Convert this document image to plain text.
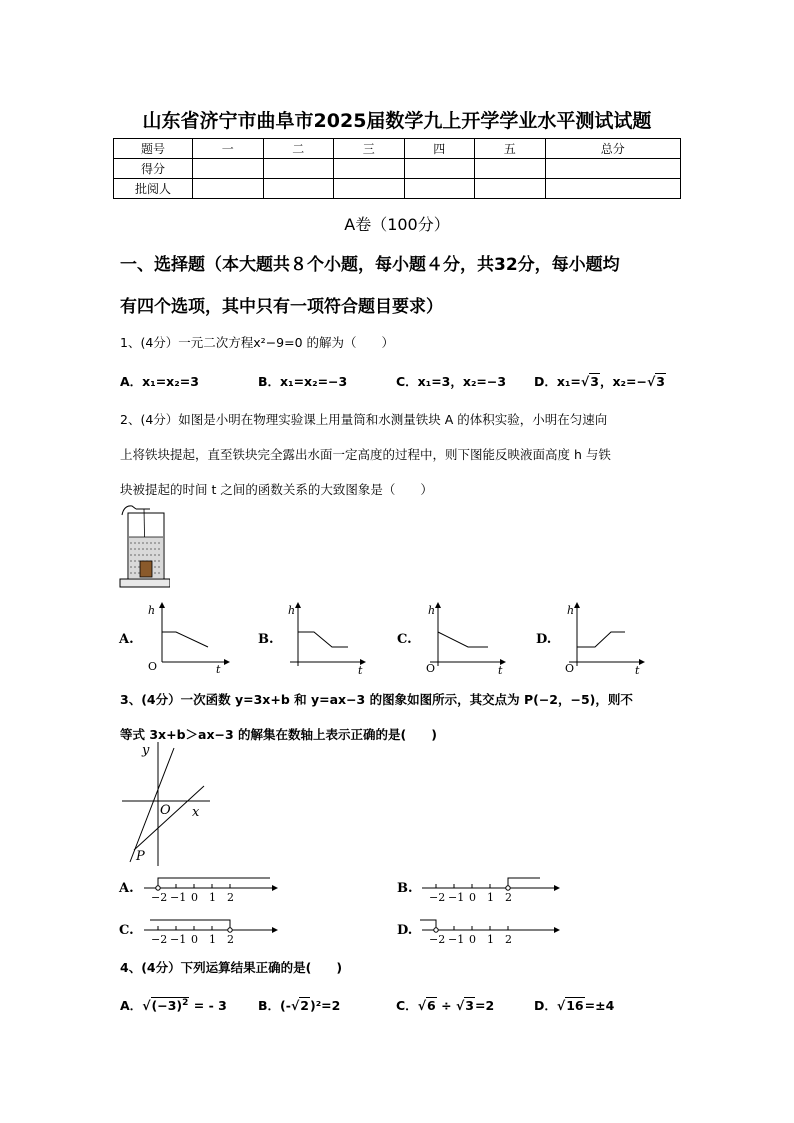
山东省济宁市曲阜市2025届数学九上开学学业水平测试试题
题号	一	二	三	四	五	总分
得分						
批阅人						
A卷（100分）
一、选择题（本大题共８个小题，每小题４分，共32分，每小题均
有四个选项，其中只有一项符合题目要求）
1、(4分）一元二次方程x²−9=0 的解为（　　）
A．x₁=x₂=3	B．x₁=x₂=−3	C．x₁=3，x₂=−3 D．x₁=√3，x₂=−√3
2、(4分）如图是小明在物理实验课上用量筒和水测量铁块 A 的体积实验，小明在匀速向
上将铁块提起，直至铁块完全露出水面一定高度的过程中，则下图能反映液面高度 h 与铁
块被提起的时间 t 之间的函数关系的大致图象是（　　）
A.
h
O	t
B.
h
t
C.
h
O	t
D.
h
O	t
3、(4分）一次函数 y=3x+b 和 y=ax−3 的图象如图所示，其交点为 P(−2，−5)，则不
等式 3x+b＞ax−3 的解集在数轴上表示正确的是(　　)
y
x
O
P
A.
−2 −1 0 1 2
B.
−2 −1 0 1 2
C.
−2 −1 0 1 2
D.
−2 −1 0 1 2
4、(4分）下列运算结果正确的是(　　)
A．$√(-3)^2$ = - 3 B．(-√2)²=2	C．√6 ÷ √3=2	D．√16=±4
